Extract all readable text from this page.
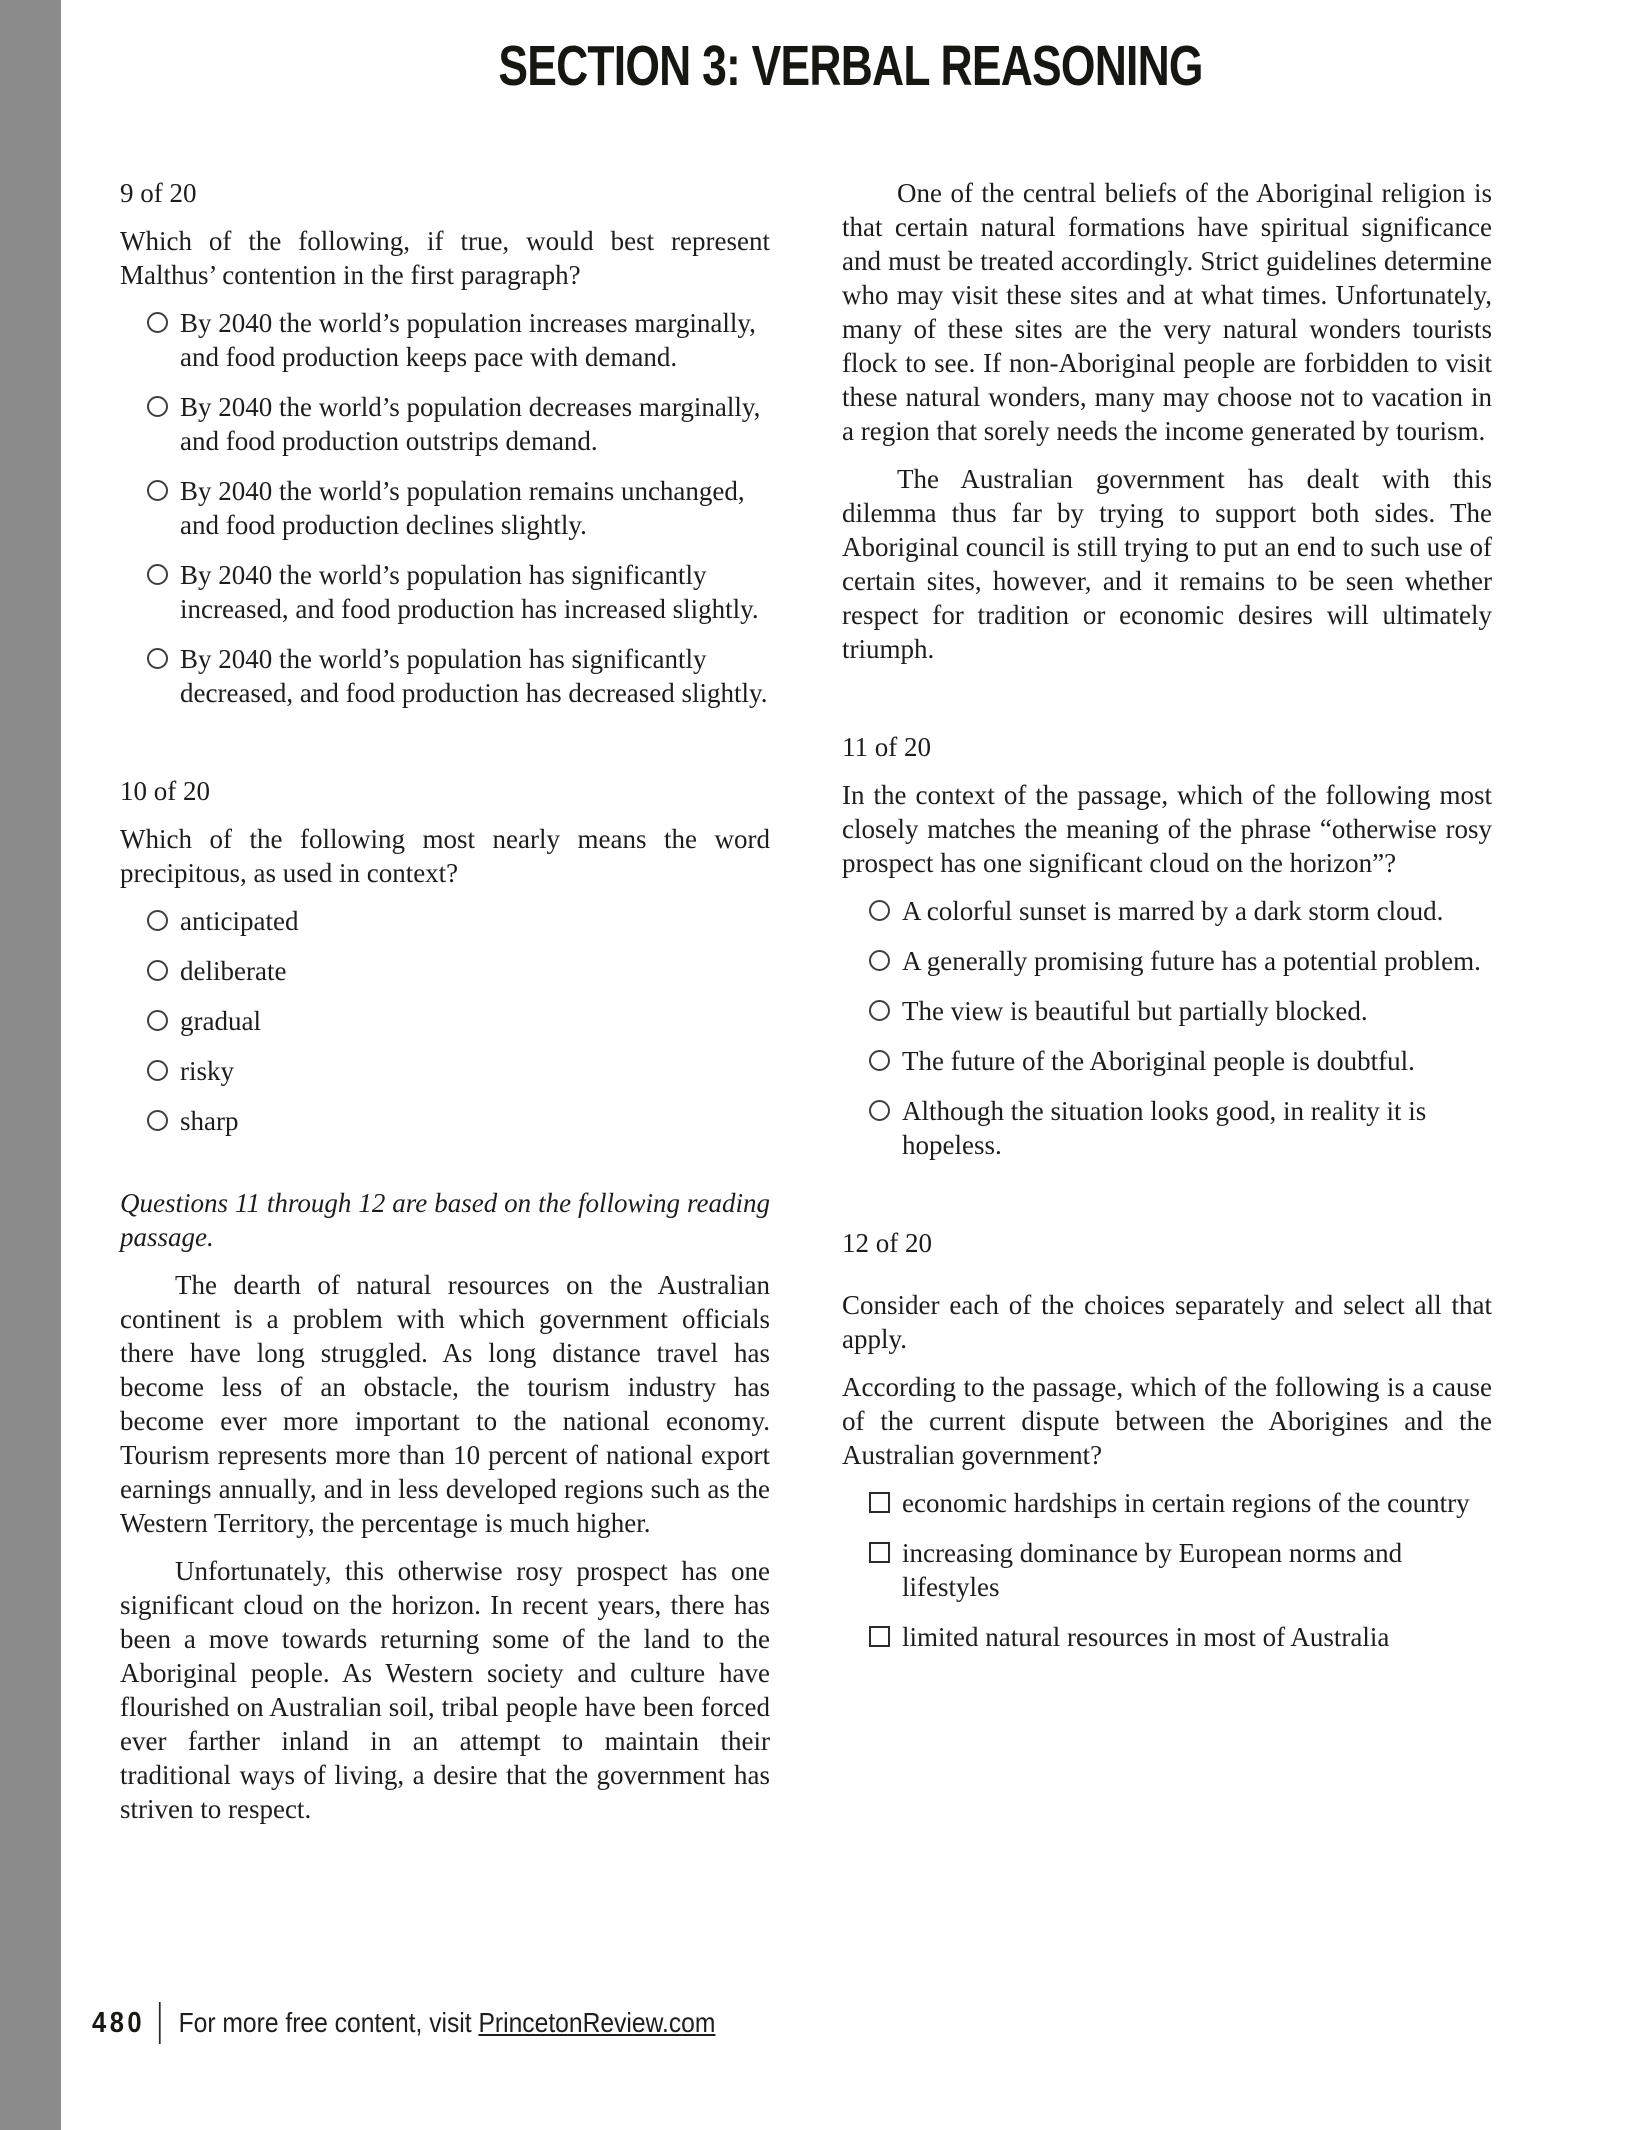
SECTION 3: VERBAL REASONING
9 of 20
Which of the following, if true, would best represent Malthus’ contention in the first paragraph?
By 2040 the world’s population increases marginally, and food production keeps pace with demand.
By 2040 the world’s population decreases marginally, and food production outstrips demand.
By 2040 the world’s population remains unchanged, and food production declines slightly.
By 2040 the world’s population has significantly increased, and food production has increased slightly.
By 2040 the world’s population has significantly decreased, and food production has decreased slightly.
10 of 20
Which of the following most nearly means the word precipitous, as used in context?
anticipated
deliberate
gradual
risky
sharp
Questions 11 through 12 are based on the following reading passage.

The dearth of natural resources on the Australian continent is a problem with which government officials there have long struggled. As long distance travel has become less of an obstacle, the tourism industry has become ever more important to the national economy. Tourism represents more than 10 percent of national export earnings annually, and in less developed regions such as the Western Territory, the percentage is much higher.

Unfortunately, this otherwise rosy prospect has one significant cloud on the horizon. In recent years, there has been a move towards returning some of the land to the Aboriginal people. As Western society and culture have flourished on Australian soil, tribal people have been forced ever farther inland in an attempt to maintain their traditional ways of living, a desire that the government has striven to respect.

One of the central beliefs of the Aboriginal religion is that certain natural formations have spiritual significance and must be treated accordingly. Strict guidelines determine who may visit these sites and at what times. Unfortunately, many of these sites are the very natural wonders tourists flock to see. If non-Aboriginal people are forbidden to visit these natural wonders, many may choose not to vacation in a region that sorely needs the income generated by tourism.

The Australian government has dealt with this dilemma thus far by trying to support both sides. The Aboriginal council is still trying to put an end to such use of certain sites, however, and it remains to be seen whether respect for tradition or economic desires will ultimately triumph.

11 of 20
In the context of the passage, which of the following most closely matches the meaning of the phrase “otherwise rosy prospect has one significant cloud on the horizon”?
A colorful sunset is marred by a dark storm cloud.
A generally promising future has a potential problem.
The view is beautiful but partially blocked.
The future of the Aboriginal people is doubtful.
Although the situation looks good, in reality it is hopeless.
12 of 20
Consider each of the choices separately and select all that apply.
According to the passage, which of the following is a cause of the current dispute between the Aborigines and the Australian government?
economic hardships in certain regions of the country
increasing dominance by European norms and lifestyles
limited natural resources in most of Australia
480 For more free content, visit PrincetonReview.com
